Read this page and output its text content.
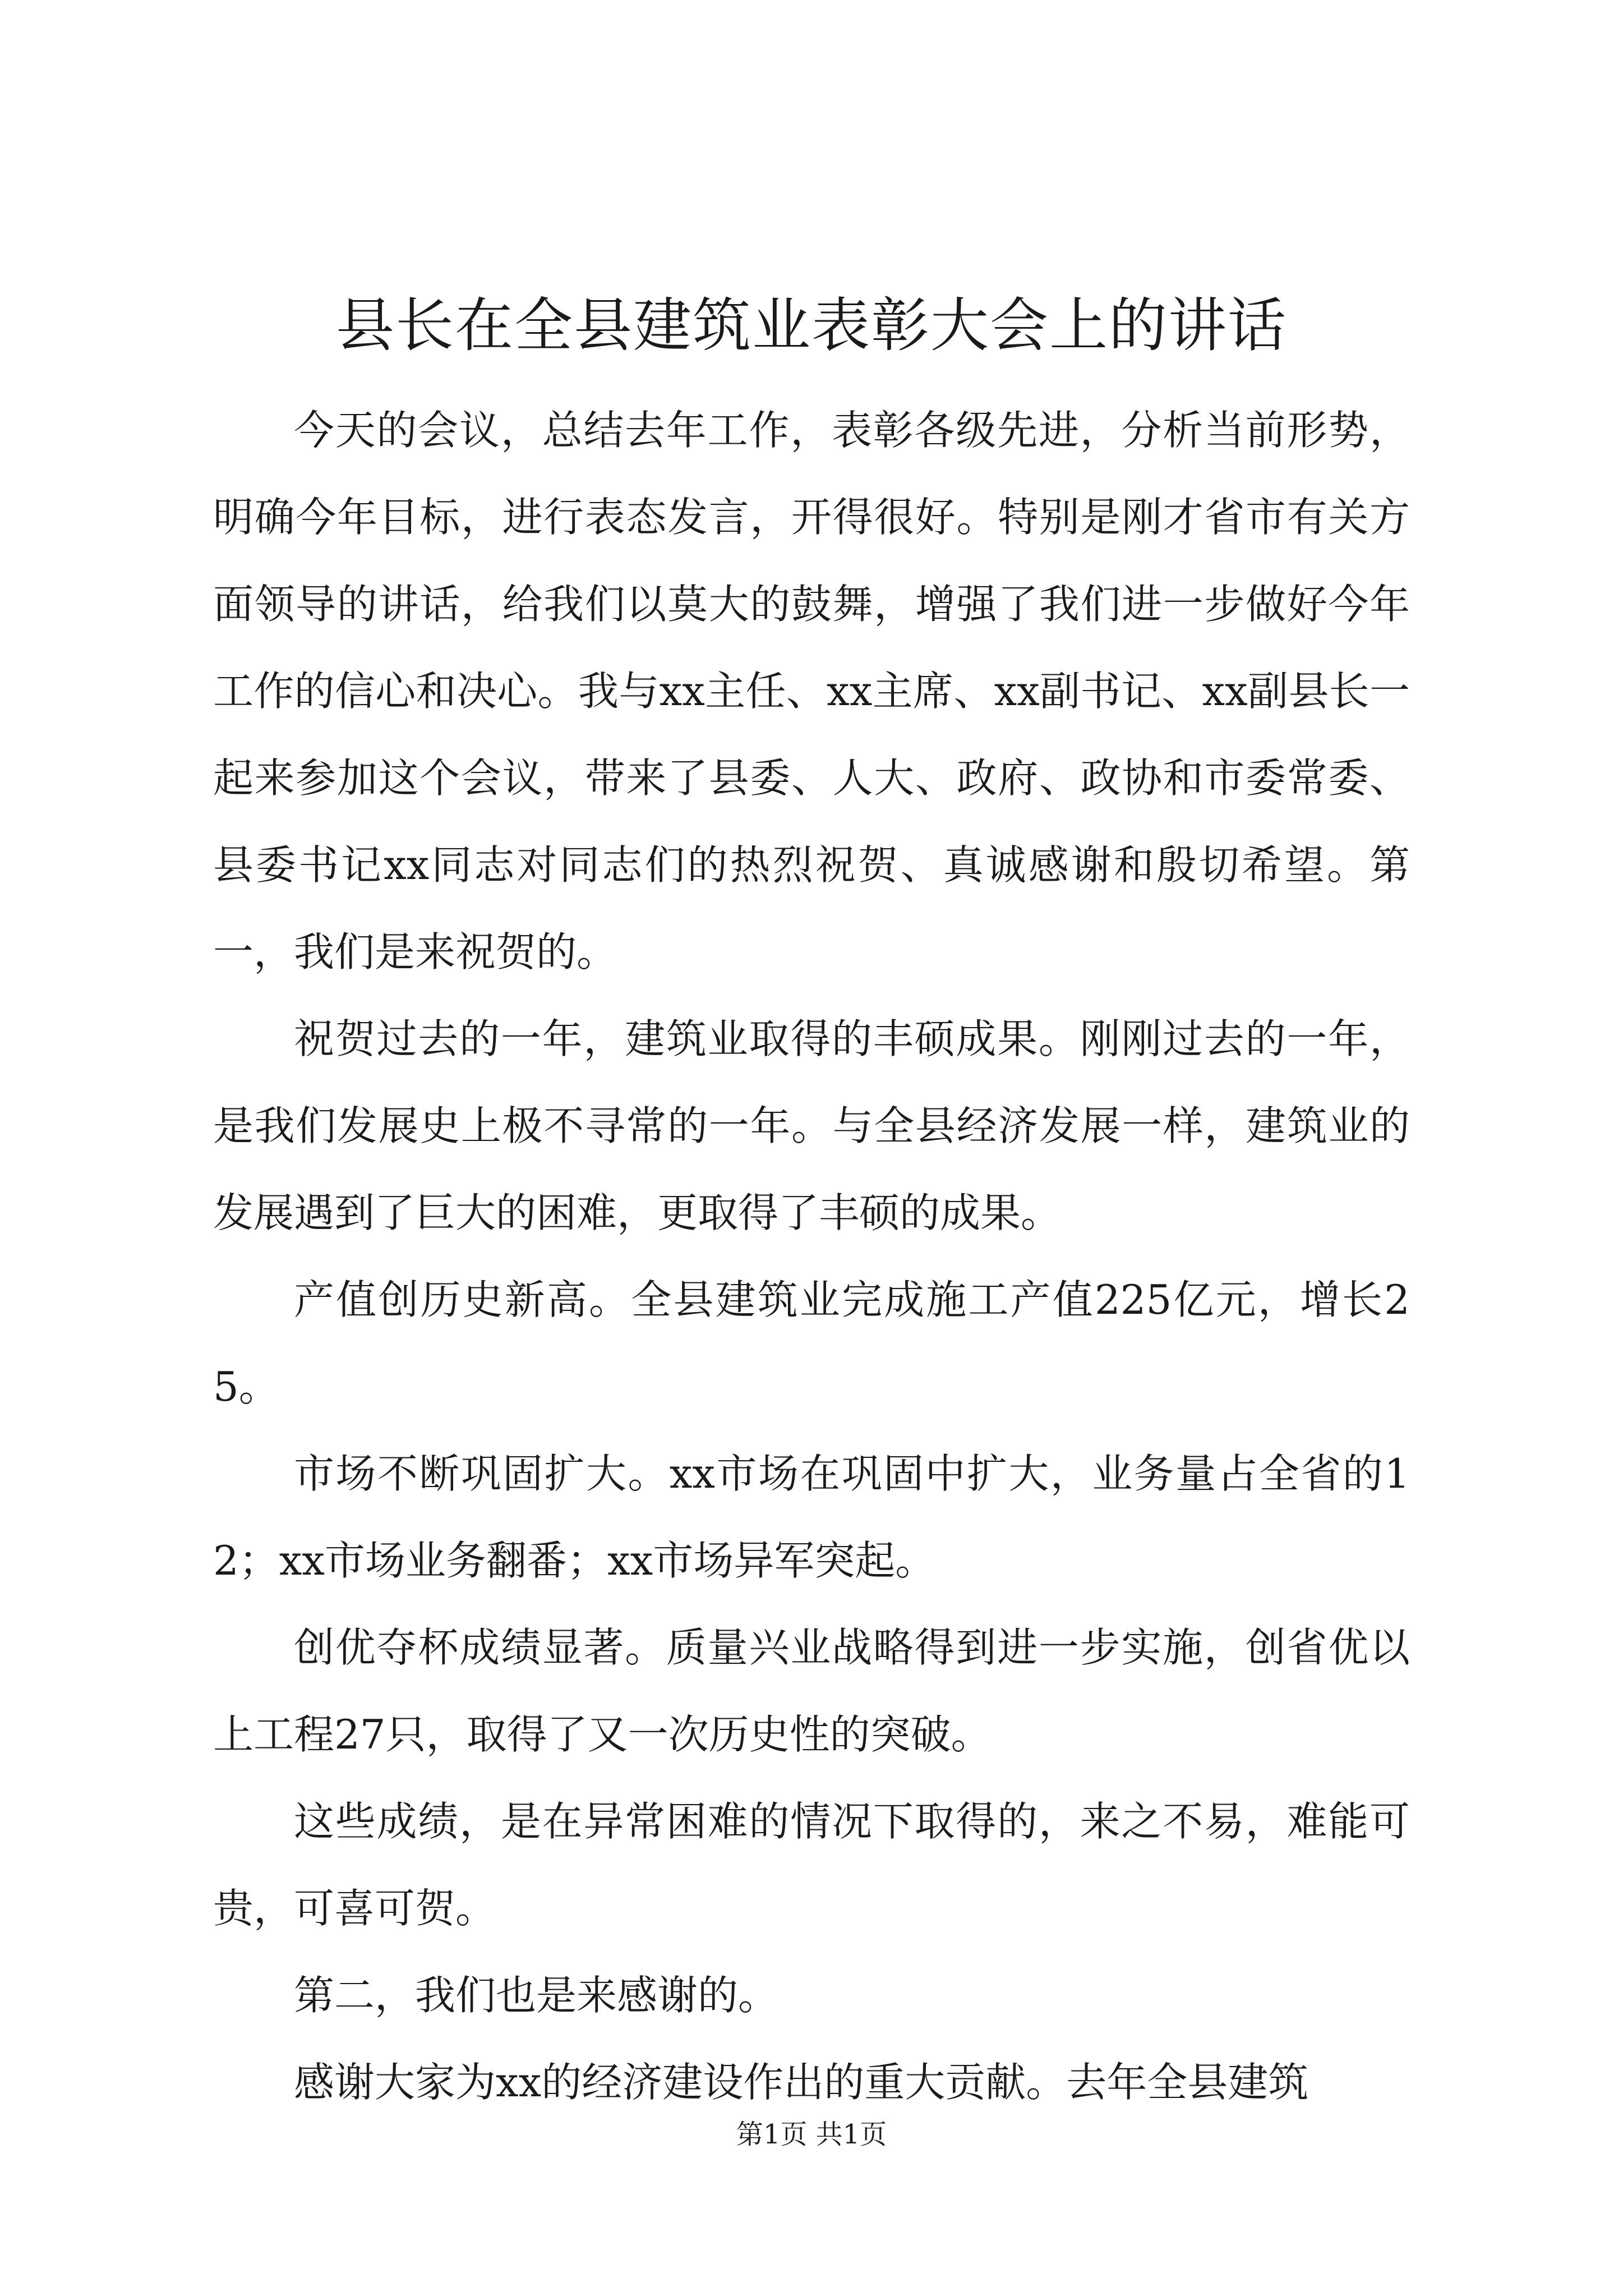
县长在全县建筑业表彰大会上的讲话

今天的会议，总结去年工作，表彰各级先进，分析当前形势，明确今年目标，进行表态发言，开得很好。特别是刚才省市有关方面领导的讲话，给我们以莫大的鼓舞，增强了我们进一步做好今年工作的信心和决心。我与xx主任、xx主席、xx副书记、xx副县长一起来参加这个会议，带来了县委、人大、政府、政协和市委常委、县委书记xx同志对同志们的热烈祝贺、真诚感谢和殷切希望。第一，我们是来祝贺的。

祝贺过去的一年，建筑业取得的丰硕成果。刚刚过去的一年，是我们发展史上极不寻常的一年。与全县经济发展一样，建筑业的发展遇到了巨大的困难，更取得了丰硕的成果。

产值创历史新高。全县建筑业完成施工产值225亿元，增长25。

市场不断巩固扩大。xx市场在巩固中扩大，业务量占全省的12；xx市场业务翻番；xx市场异军突起。

创优夺杯成绩显著。质量兴业战略得到进一步实施，创省优以上工程27只，取得了又一次历史性的突破。

这些成绩，是在异常困难的情况下取得的，来之不易，难能可贵，可喜可贺。

第二，我们也是来感谢的。

感谢大家为xx的经济建设作出的重大贡献。去年全县建筑

第1页 共1页
